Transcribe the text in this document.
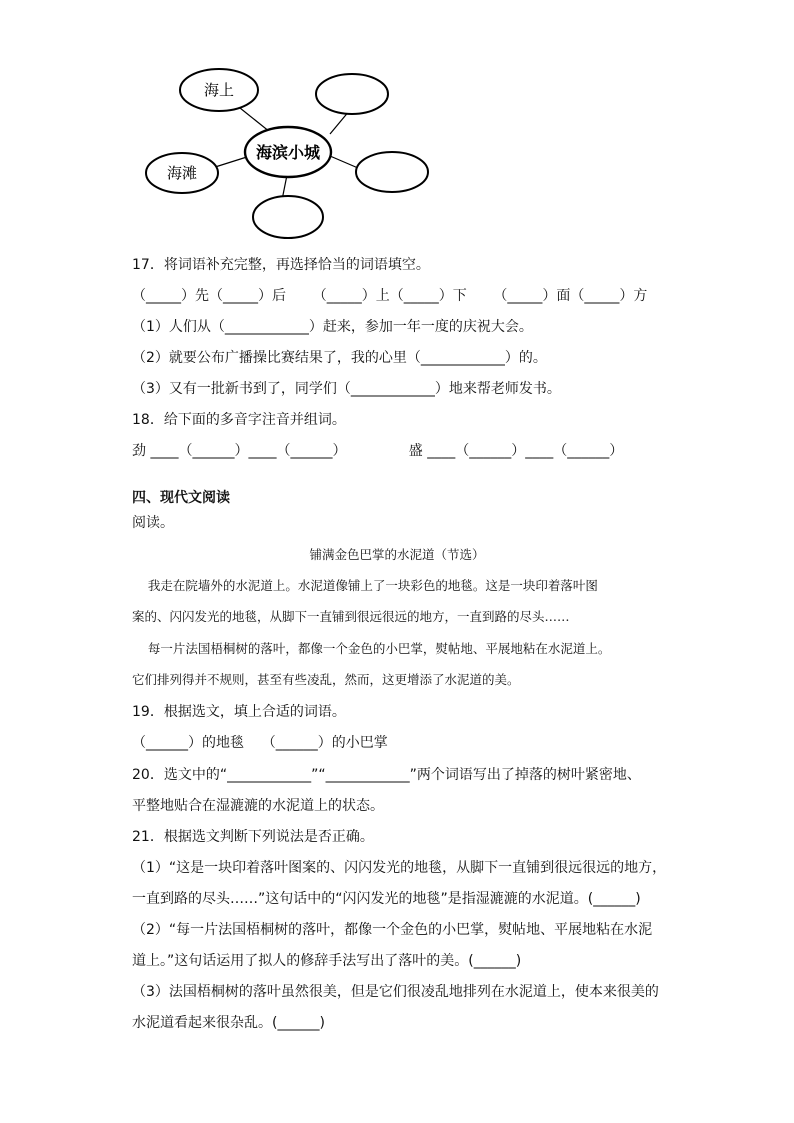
海上
海滩
海滨小城
17．将词语补充完整，再选择恰当的词语填空。
（_____）先（_____）后      （_____）上（_____）下      （_____）面（_____）方
（1）人们从（____________）赶来，参加一年一度的庆祝大会。
（2）就要公布广播操比赛结果了，我的心里（____________）的。
（3）又有一批新书到了，同学们（____________）地来帮老师发书。
18．给下面的多音字注音并组词。
劲 ____（______）____（______）              盛 ____（______）____（______）
四、现代文阅读
阅读。
铺满金色巴掌的水泥道（节选）
我走在院墙外的水泥道上。水泥道像铺上了一块彩色的地毯。这是一块印着落叶图
案的、闪闪发光的地毯，从脚下一直铺到很远很远的地方，一直到路的尽头……
每一片法国梧桐树的落叶，都像一个金色的小巴掌，熨帖地、平展地粘在水泥道上。
它们排列得并不规则，甚至有些凌乱，然而，这更增添了水泥道的美。
19．根据选文，填上合适的词语。
（______）的地毯    （______）的小巴掌
20．选文中的“____________”“____________”两个词语写出了掉落的树叶紧密地、
平整地贴合在湿漉漉的水泥道上的状态。
21．根据选文判断下列说法是否正确。
（1）“这是一块印着落叶图案的、闪闪发光的地毯，从脚下一直铺到很远很远的地方，
一直到路的尽头……”这句话中的“闪闪发光的地毯”是指湿漉漉的水泥道。(______)
（2）“每一片法国梧桐树的落叶，都像一个金色的小巴掌，熨帖地、平展地粘在水泥
道上。”这句话运用了拟人的修辞手法写出了落叶的美。(______)
（3）法国梧桐树的落叶虽然很美，但是它们很凌乱地排列在水泥道上，使本来很美的
水泥道看起来很杂乱。(______)
